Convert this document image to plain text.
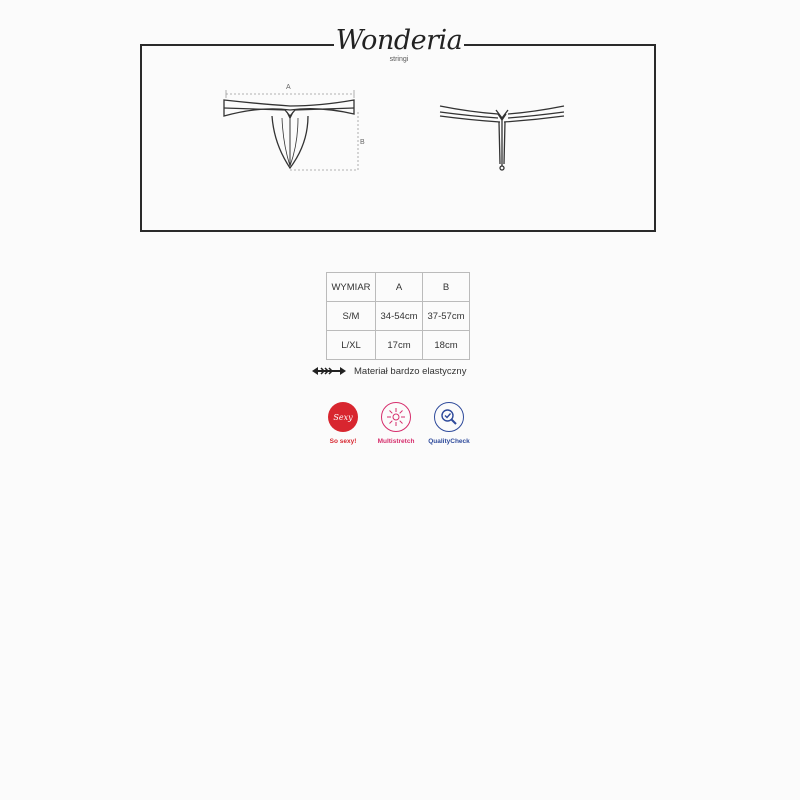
A
B
Wonderia
stringi
WYMIAR	A	B
S/M	34-54cm	37-57cm
L/XL	17cm	18cm
Materiał bardzo elastyczny
Sexy
So sexy!	Multistretch	QualityCheck
